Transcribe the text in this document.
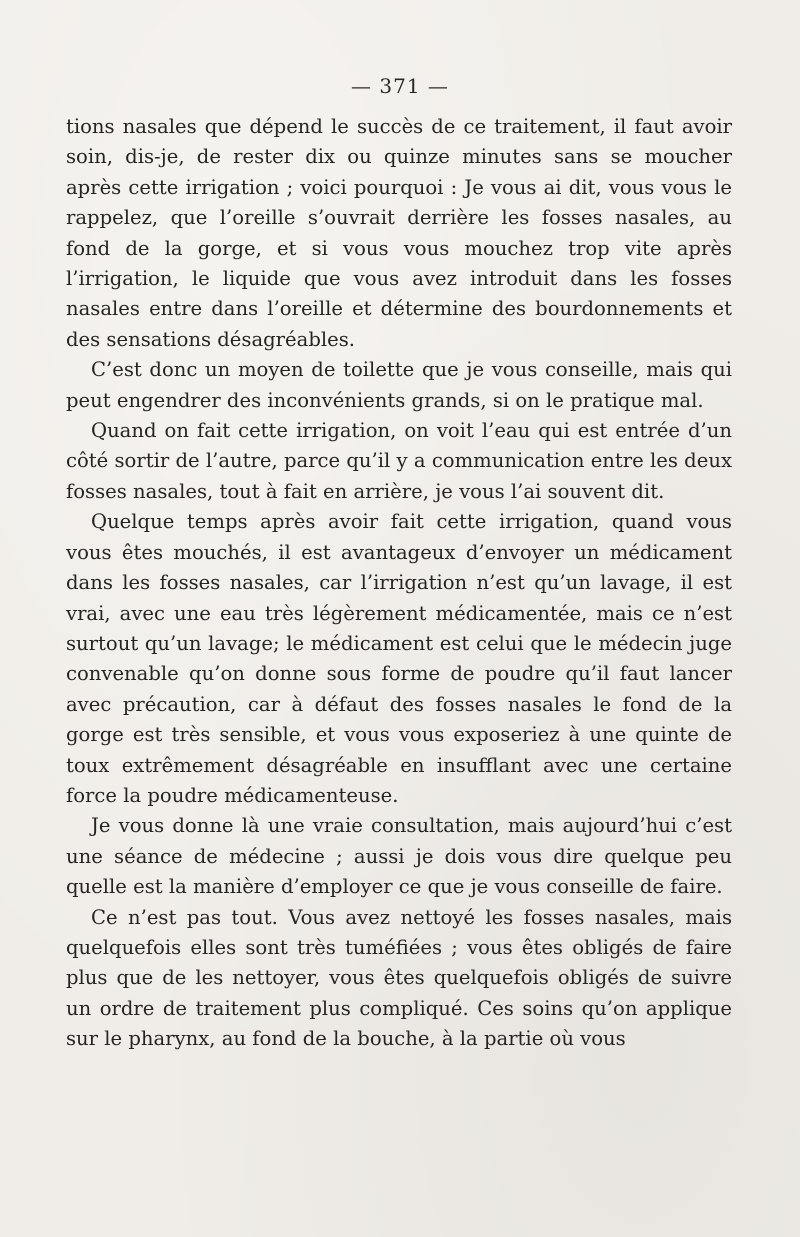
— 371 —

tions nasales que dépend le succès de ce traitement, il faut avoir soin, dis-je, de rester dix ou quinze minutes sans se moucher après cette irrigation ; voici pourquoi : Je vous ai dit, vous vous le rappelez, que l’oreille s’ouvrait derrière les fosses nasales, au fond de la gorge, et si vous vous mouchez trop vite après l’irrigation, le liquide que vous avez introduit dans les fosses nasales entre dans l’oreille et détermine des bourdonnements et des sensations désagréables.

C’est donc un moyen de toilette que je vous conseille, mais qui peut engendrer des inconvénients grands, si on le pratique mal.

Quand on fait cette irrigation, on voit l’eau qui est entrée d’un côté sortir de l’autre, parce qu’il y a communication entre les deux fosses nasales, tout à fait en arrière, je vous l’ai souvent dit.

Quelque temps après avoir fait cette irrigation, quand vous vous êtes mouchés, il est avantageux d’envoyer un médicament dans les fosses nasales, car l’irrigation n’est qu’un lavage, il est vrai, avec une eau très légèrement médicamentée, mais ce n’est surtout qu’un lavage; le médicament est celui que le médecin juge convenable qu’on donne sous forme de poudre qu’il faut lancer avec précaution, car à défaut des fosses nasales le fond de la gorge est très sensible, et vous vous exposeriez à une quinte de toux extrêmement désagréable en insufflant avec une certaine force la poudre médicamenteuse.

Je vous donne là une vraie consultation, mais aujourd’hui c’est une séance de médecine ; aussi je dois vous dire quelque peu quelle est la manière d’employer ce que je vous conseille de faire.

Ce n’est pas tout. Vous avez nettoyé les fosses nasales, mais quelquefois elles sont très tuméfiées ; vous êtes obligés de faire plus que de les nettoyer, vous êtes quelquefois obligés de suivre un ordre de traitement plus compliqué. Ces soins qu’on applique sur le pharynx, au fond de la bouche, à la partie où vous
